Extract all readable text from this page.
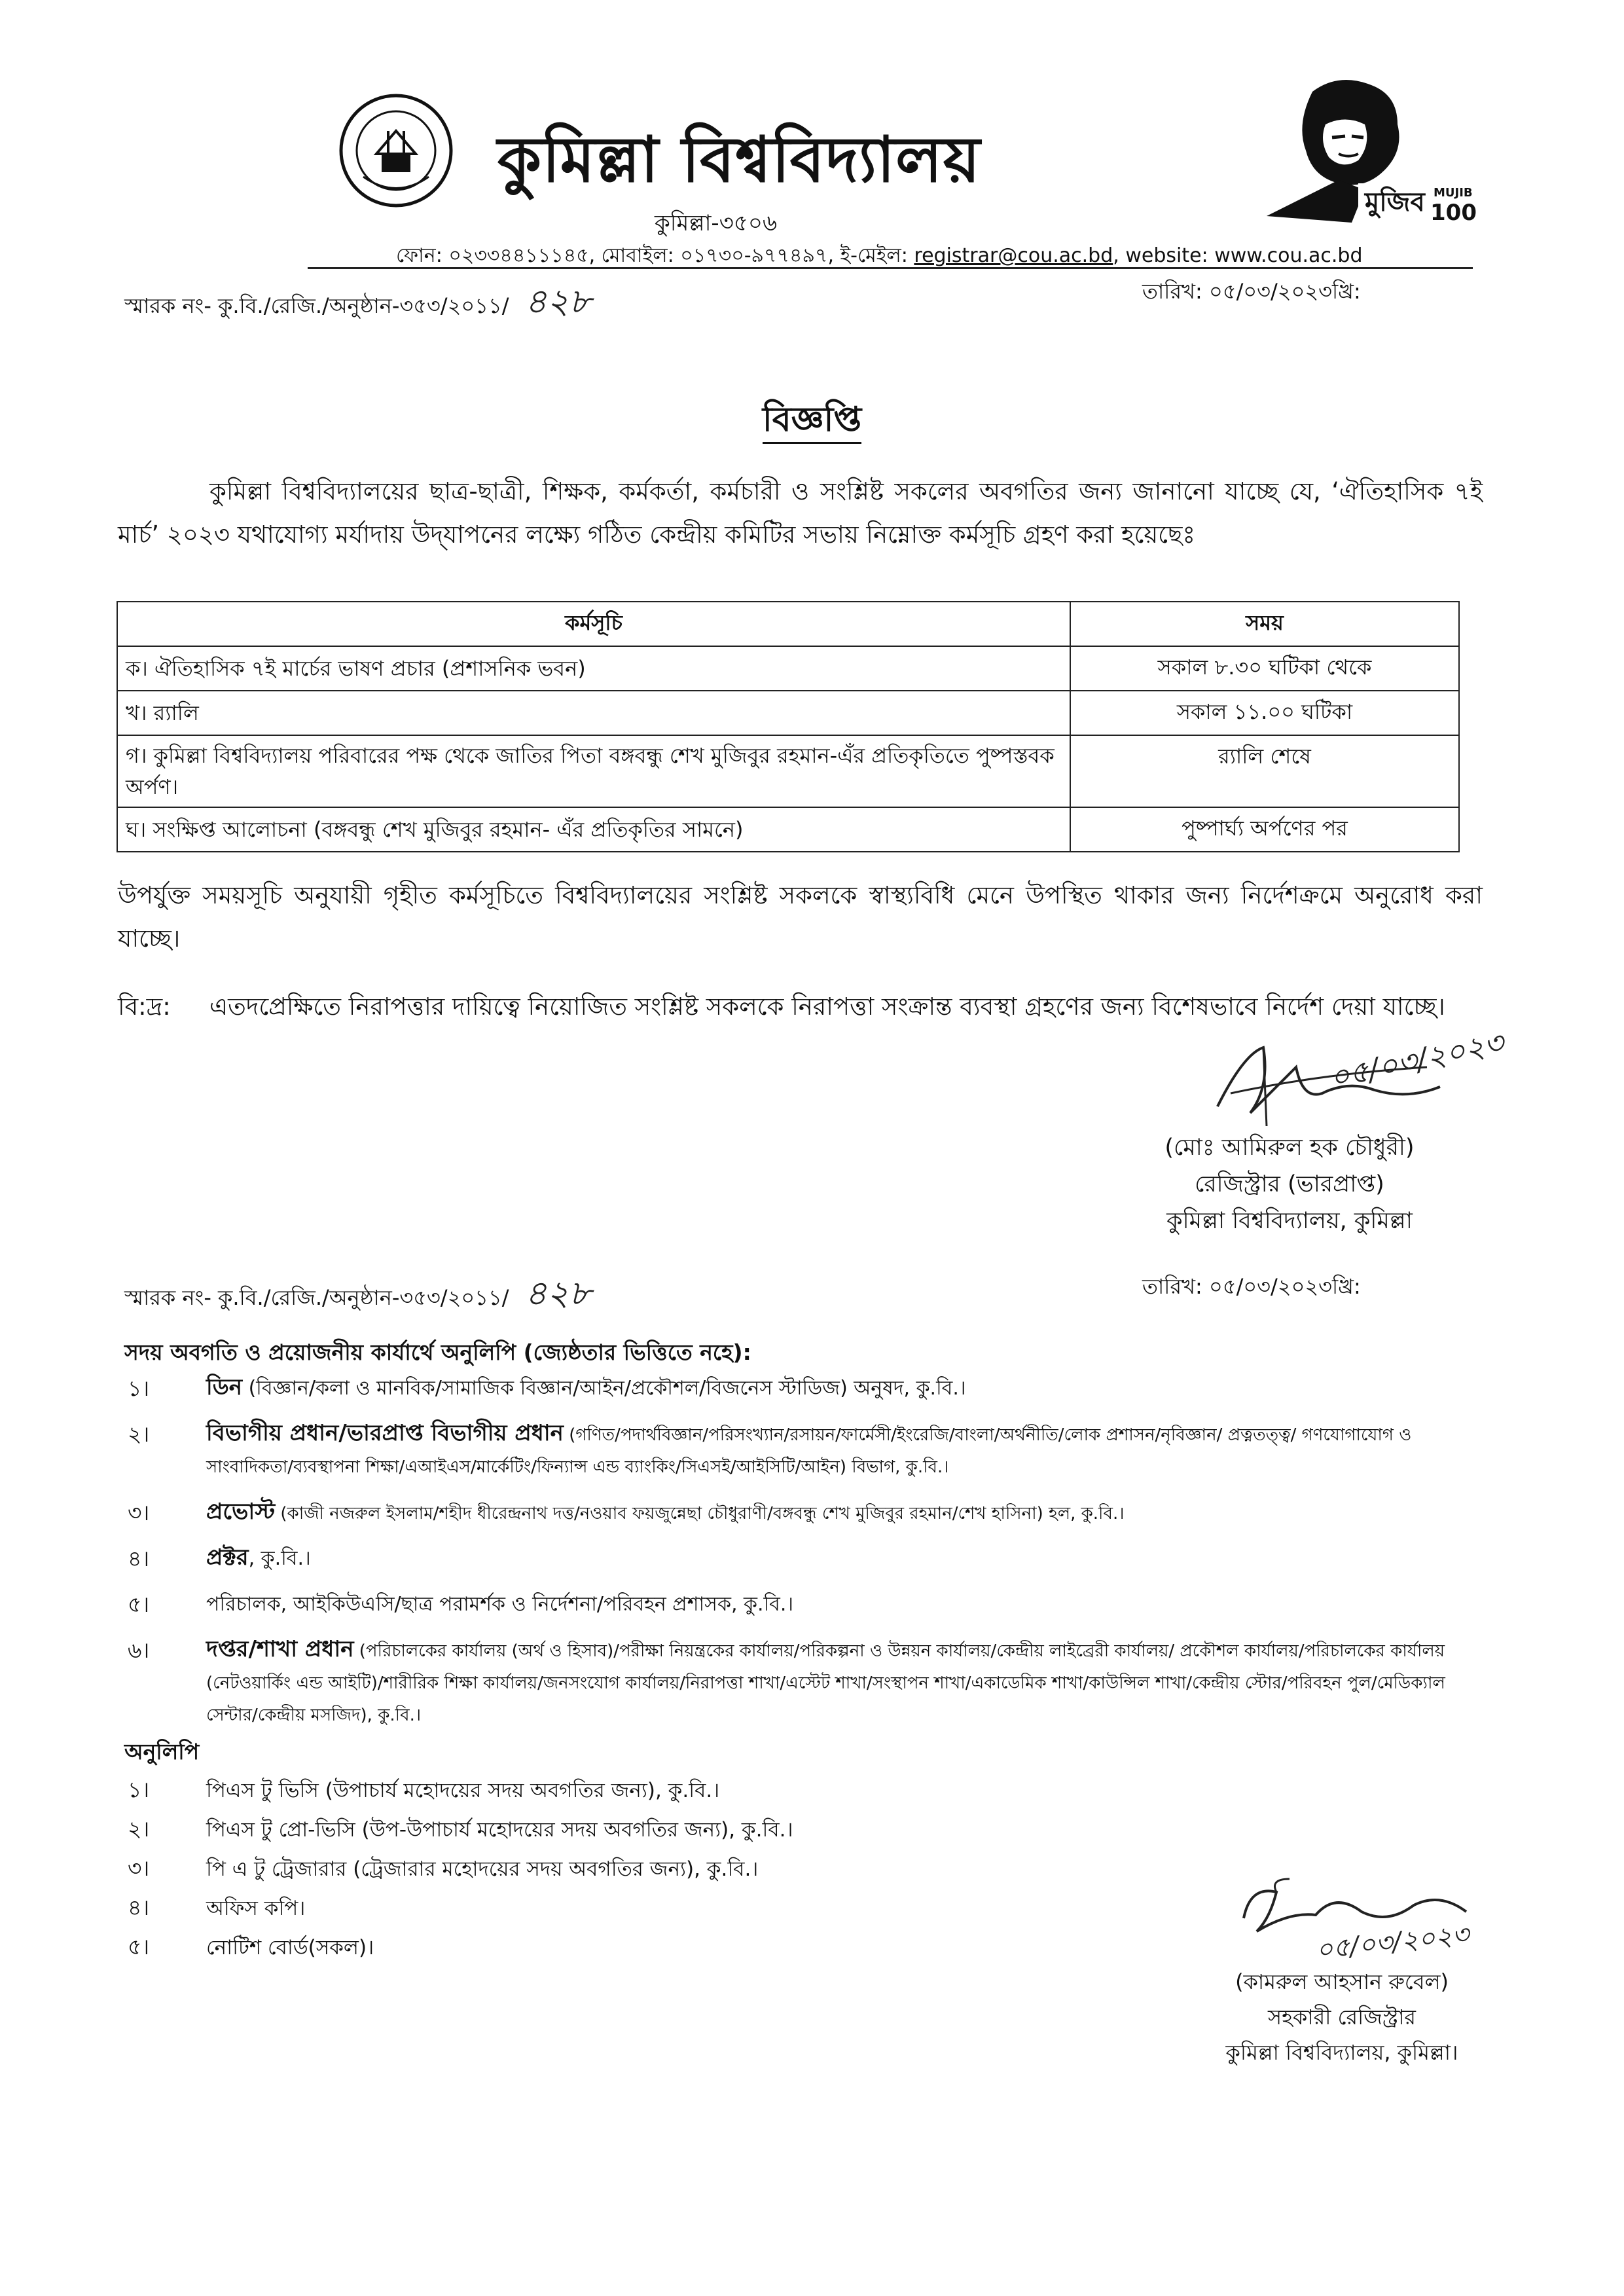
কুমিল্লা বিশ্ববিদ্যালয়
কুমিল্লা-৩৫০৬
ফোন: ০২৩৩৪৪১১১৪৫, মোবাইল: ০১৭৩০-৯৭৭৪৯৭, ই-মেইল: registrar@cou.ac.bd, website: www.cou.ac.bd
মুজিব MUJIB
100
স্মারক নং- কু.বি./রেজি./অনুষ্ঠান-৩৫৩/২০১১/ ৪২৮	তারিখ: ০৫/০৩/২০২৩খ্রি:
বিজ্ঞপ্তি
কুমিল্লা বিশ্ববিদ্যালয়ের ছাত্র-ছাত্রী, শিক্ষক, কর্মকর্তা, কর্মচারী ও সংশ্লিষ্ট সকলের অবগতির জন্য জানানো যাচ্ছে যে, ‘ঐতিহাসিক ৭ই মার্চ’ ২০২৩ যথাযোগ্য মর্যাদায় উদ্‌যাপনের লক্ষ্যে গঠিত কেন্দ্রীয় কমিটির সভায় নিম্নোক্ত কর্মসূচি গ্রহণ করা হয়েছেঃ
কর্মসূচি	সময়
ক। ঐতিহাসিক ৭ই মার্চের ভাষণ প্রচার (প্রশাসনিক ভবন)	সকাল ৮.৩০ ঘটিকা থেকে
খ। র‍্যালি	সকাল ১১.০০ ঘটিকা
গ। কুমিল্লা বিশ্ববিদ্যালয় পরিবারের পক্ষ থেকে জাতির পিতা বঙ্গবন্ধু শেখ মুজিবুর রহমান-এঁর প্রতিকৃতিতে পুষ্পস্তবক অর্পণ।	র‍্যালি শেষে
ঘ। সংক্ষিপ্ত আলোচনা (বঙ্গবন্ধু শেখ মুজিবুর রহমান- এঁর প্রতিকৃতির সামনে)	পুষ্পার্ঘ্য অর্পণের পর
উপর্যুক্ত সময়সূচি অনুযায়ী গৃহীত কর্মসূচিতে বিশ্ববিদ্যালয়ের সংশ্লিষ্ট সকলকে স্বাস্থ্যবিধি মেনে উপস্থিত থাকার জন্য নির্দেশক্রমে অনুরোধ করা যাচ্ছে।
বি:দ্র: এতদপ্রেক্ষিতে নিরাপত্তার দায়িত্বে নিয়োজিত সংশ্লিষ্ট সকলকে নিরাপত্তা সংক্রান্ত ব্যবস্থা গ্রহণের জন্য বিশেষভাবে নির্দেশ দেয়া যাচ্ছে।
০৫/০৩/২০২৩
(মোঃ আমিরুল হক চৌধুরী)
রেজিস্ট্রার (ভারপ্রাপ্ত)
কুমিল্লা বিশ্ববিদ্যালয়, কুমিল্লা
স্মারক নং- কু.বি./রেজি./অনুষ্ঠান-৩৫৩/২০১১/ ৪২৮	তারিখ: ০৫/০৩/২০২৩খ্রি:
সদয় অবগতি ও প্রয়োজনীয় কার্যার্থে অনুলিপি (জ্যেষ্ঠতার ভিত্তিতে নহে):
১।	ডিন (বিজ্ঞান/কলা ও মানবিক/সামাজিক বিজ্ঞান/আইন/প্রকৌশল/বিজনেস স্টাডিজ) অনুষদ, কু.বি.।
২।	বিভাগীয় প্রধান/ভারপ্রাপ্ত বিভাগীয় প্রধান (গণিত/পদার্থবিজ্ঞান/পরিসংখ্যান/রসায়ন/ফার্মেসী/ইংরেজি/বাংলা/অর্থনীতি/লোক প্রশাসন/নৃবিজ্ঞান/ প্রত্নতত্ত্ব/ গণযোগাযোগ ও সাংবাদিকতা/ব্যবস্থাপনা শিক্ষা/এআইএস/মার্কেটিং/ফিন্যান্স এন্ড ব্যাংকিং/সিএসই/আইসিটি/আইন) বিভাগ, কু.বি.।
৩।	প্রভোস্ট (কাজী নজরুল ইসলাম/শহীদ ধীরেন্দ্রনাথ দত্ত/নওয়াব ফয়জুন্নেছা চৌধুরাণী/বঙ্গবন্ধু শেখ মুজিবুর রহমান/শেখ হাসিনা) হল, কু.বি.।
৪।	প্রক্টর, কু.বি.।
৫।	পরিচালক, আইকিউএসি/ছাত্র পরামর্শক ও নির্দেশনা/পরিবহন প্রশাসক, কু.বি.।
৬।	দপ্তর/শাখা প্রধান (পরিচালকের কার্যালয় (অর্থ ও হিসাব)/পরীক্ষা নিয়ন্ত্রকের কার্যালয়/পরিকল্পনা ও উন্নয়ন কার্যালয়/কেন্দ্রীয় লাইব্রেরী কার্যালয়/ প্রকৌশল কার্যালয়/পরিচালকের কার্যালয় (নেটওয়ার্কিং এন্ড আইটি)/শারীরিক শিক্ষা কার্যালয়/জনসংযোগ কার্যালয়/নিরাপত্তা শাখা/এস্টেট শাখা/সংস্থাপন শাখা/একাডেমিক শাখা/কাউন্সিল শাখা/কেন্দ্রীয় স্টোর/পরিবহন পুল/মেডিক্যাল সেন্টার/কেন্দ্রীয় মসজিদ), কু.বি.।
অনুলিপি
১।	পিএস টু ভিসি (উপাচার্য মহোদয়ের সদয় অবগতির জন্য), কু.বি.।
২।	পিএস টু প্রো-ভিসি (উপ-উপাচার্য মহোদয়ের সদয় অবগতির জন্য), কু.বি.।
৩।	পি এ টু ট্রেজারার (ট্রেজারার মহোদয়ের সদয় অবগতির জন্য), কু.বি.।
৪।	অফিস কপি।
৫।	নোটিশ বোর্ড(সকল)।	০৫/০৩/২০২৩
(কামরুল আহসান রুবেল)
সহকারী রেজিস্ট্রার
কুমিল্লা বিশ্ববিদ্যালয়, কুমিল্লা।
